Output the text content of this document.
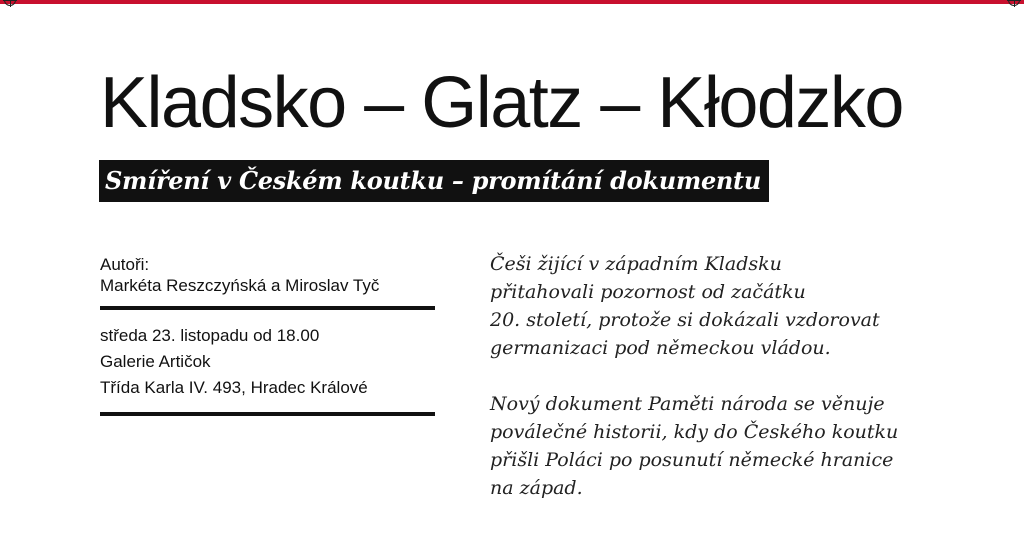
Kladsko – Glatz – Kłodzko
Smíření v Českém koutku – promítání dokumentu
Autoři:
Markéta Reszczyńská a Miroslav Tyč
středa 23. listopadu od 18.00
Galerie Artičok
Třída Karla IV. 493, Hradec Králové
Češi žijící v západním Kladsku
přitahovali pozornost od začátku
20. století, protože si dokázali vzdorovat
germanizaci pod německou vládou.
Nový dokument Paměti národa se věnuje
poválečné historii, kdy do Českého koutku
přišli Poláci po posunutí německé hranice
na západ.
